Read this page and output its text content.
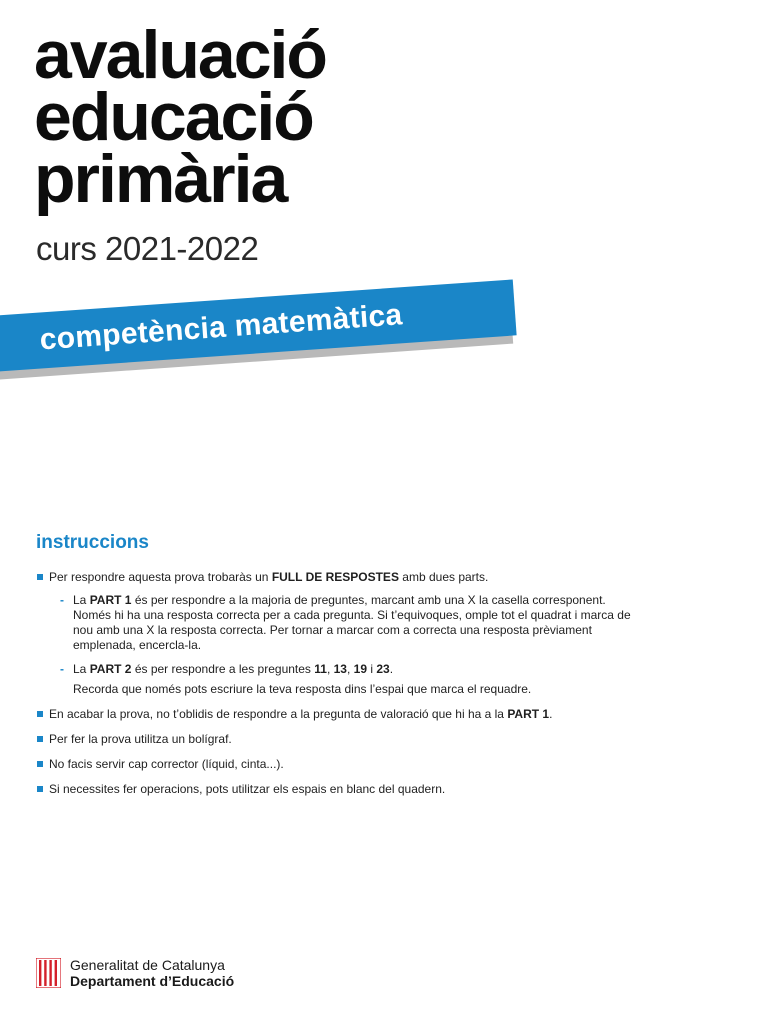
avaluació
educació
primària
curs 2021-2022
competència matemàtica
instruccions
Per respondre aquesta prova trobaràs un FULL DE RESPOSTES amb dues parts.
- La PART 1 és per respondre a la majoria de preguntes, marcant amb una X la casella corresponent. Només hi ha una resposta correcta per a cada pregunta. Si t’equivoques, omple tot el quadrat i marca de nou amb una X la resposta correcta. Per tornar a marcar com a correcta una resposta prèviament emplenada, encercla-la.
- La PART 2 és per respondre a les preguntes 11, 13, 19 i 23.
Recorda que només pots escriure la teva resposta dins l’espai que marca el requadre.
En acabar la prova, no t’oblidis de respondre a la pregunta de valoració que hi ha a la PART 1.
Per fer la prova utilitza un bolígraf.
No facis servir cap corrector (líquid, cinta...).
Si necessites fer operacions, pots utilitzar els espais en blanc del quadern.
Generalitat de Catalunya
Departament d’Educació
